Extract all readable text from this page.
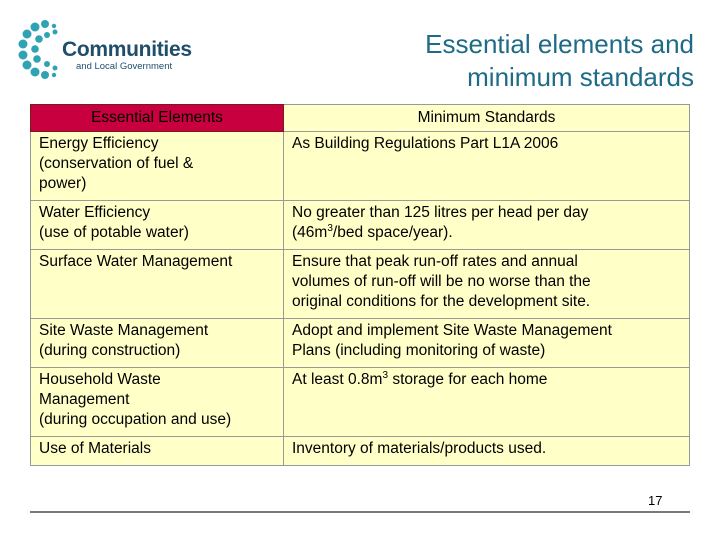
Communities
and Local Government
Essential elements and
minimum standards
Essential Elements	Minimum Standards

Energy Efficiency
(conservation of fuel &
power)	As Building Regulations Part L1A 2006

Water Efficiency
(use of potable water)	No greater than 125 litres per head per day
($46m^3$/bed space/year).

Surface Water Management	Ensure that peak run-off rates and annual
volumes of run-off will be no worse than the
original conditions for the development site.

Site Waste Management
(during construction)	Adopt and implement Site Waste Management
Plans (including monitoring of waste)

Household Waste
Management
(during occupation and use)	At least $0.8m^3$ storage for each home

Use of Materials	Inventory of materials/products used.
17
